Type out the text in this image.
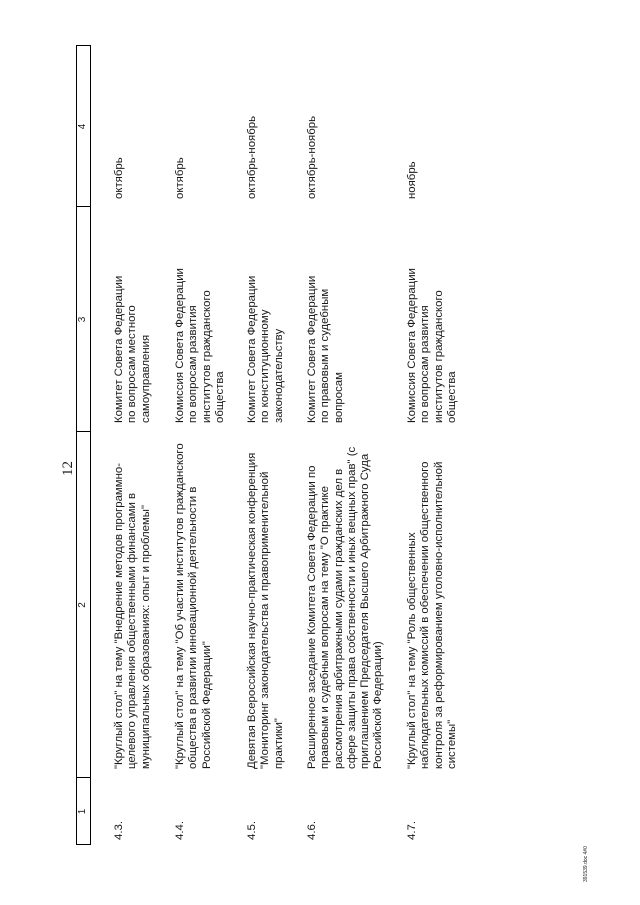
12
1
2
3
4

4.3.

"Круглый стол" на тему "Внедрение методов программно-целевого управления общественными финансами в муниципальных образованиях: опыт и проблемы"

Комитет Совета Федерации по вопросам местного самоуправления

октябрь

4.4.

"Круглый стол" на тему "Об участии институтов гражданского общества в развитии инновационной деятельности в Российской Федерации"

Комиссия Совета Федерации по вопросам развития институтов гражданского общества

октябрь

4.5.

Девятая Всероссийская научно-практическая конференция "Мониторинг законодательства и правоприменительной практики"

Комитет Совета Федерации по конституционному законодательству

октябрь-ноябрь

4.6.

Расширенное заседание Комитета Совета Федерации по правовым и судебным вопросам на тему "О практике рассмотрения арбитражными судами гражданских дел в сфере защиты права собственности и иных вещных прав" (с приглашением Председателя Высшего Арбитражного Суда Российской Федерации)

Комитет Совета Федерации по правовым и судебным вопросам

октябрь-ноябрь

4.7.

"Круглый стол" на тему "Роль общественных наблюдательных комиссий в обеспечении общественного контроля за реформированием уголовно-исполнительной системы"

Комиссия Совета Федерации по вопросам развития институтов гражданского общества

ноябрь

391539.doc 4#0
